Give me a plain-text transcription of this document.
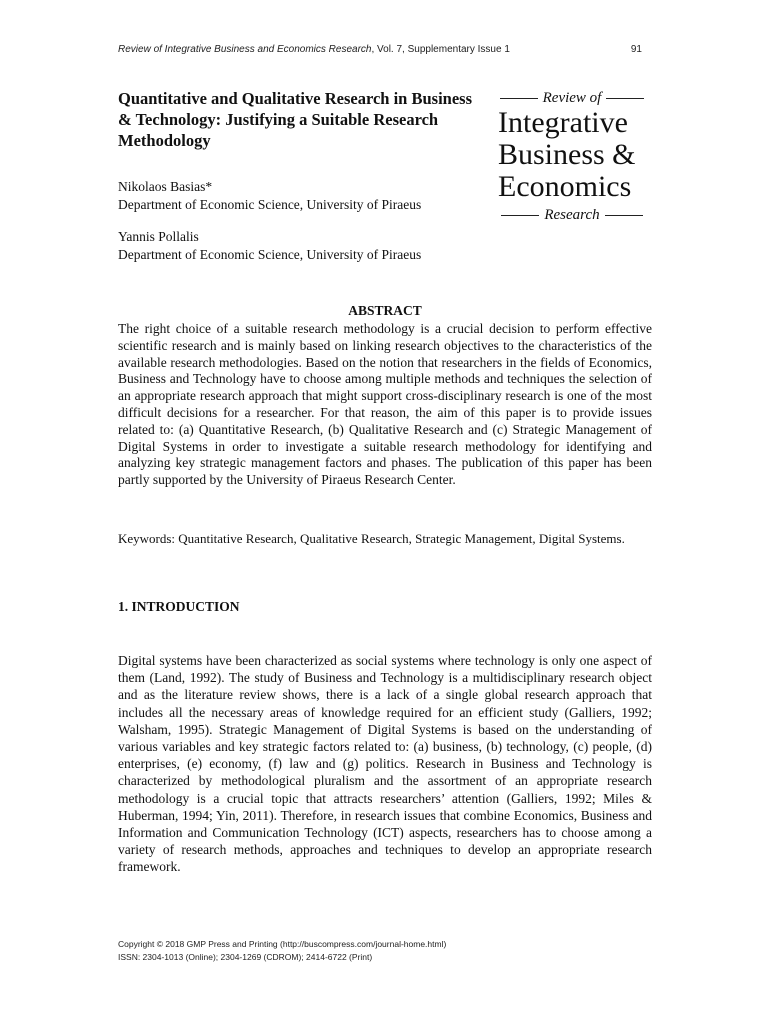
Review of Integrative Business and Economics Research, Vol. 7, Supplementary Issue 1	91
Quantitative and Qualitative Research in Business & Technology: Justifying a Suitable Research Methodology
Nikolaos Basias*
Department of Economic Science, University of Piraeus
Yannis Pollalis
Department of Economic Science, University of Piraeus
Review of
Integrative
Business &
Economics
Research
ABSTRACT
The right choice of a suitable research methodology is a crucial decision to perform effective scientific research and is mainly based on linking research objectives to the characteristics of the available research methodologies. Based on the notion that researchers in the fields of Economics, Business and Technology have to choose among multiple methods and techniques the selection of an appropriate research approach that might support cross-disciplinary research is one of the most difficult decisions for a researcher. For that reason, the aim of this paper is to provide issues related to: (a) Quantitative Research, (b) Qualitative Research and (c) Strategic Management of Digital Systems in order to investigate a suitable research methodology for identifying and analyzing key strategic management factors and phases. The publication of this paper has been partly supported by the University of Piraeus Research Center.
Keywords: Quantitative Research, Qualitative Research, Strategic Management, Digital Systems.
1. INTRODUCTION
Digital systems have been characterized as social systems where technology is only one aspect of them (Land, 1992). The study of Business and Technology is a multidisciplinary research object and as the literature review shows, there is a lack of a single global research approach that includes all the necessary areas of knowledge required for an efficient study (Galliers, 1992; Walsham, 1995). Strategic Management of Digital Systems is based on the understanding of various variables and key strategic factors related to: (a) business, (b) technology, (c) people, (d) enterprises, (e) economy, (f) law and (g) politics. Research in Business and Technology is characterized by methodological pluralism and the assortment of an appropriate research methodology is a crucial topic that attracts researchers’ attention (Galliers, 1992; Miles & Huberman, 1994; Yin, 2011). Therefore, in research issues that combine Economics, Business and Information and Communication Technology (ICT) aspects, researchers has to choose among a variety of research methods, approaches and techniques to develop an appropriate research framework.
Copyright © 2018 GMP Press and Printing (http://buscompress.com/journal-home.html)
ISSN: 2304-1013 (Online); 2304-1269 (CDROM); 2414-6722 (Print)
